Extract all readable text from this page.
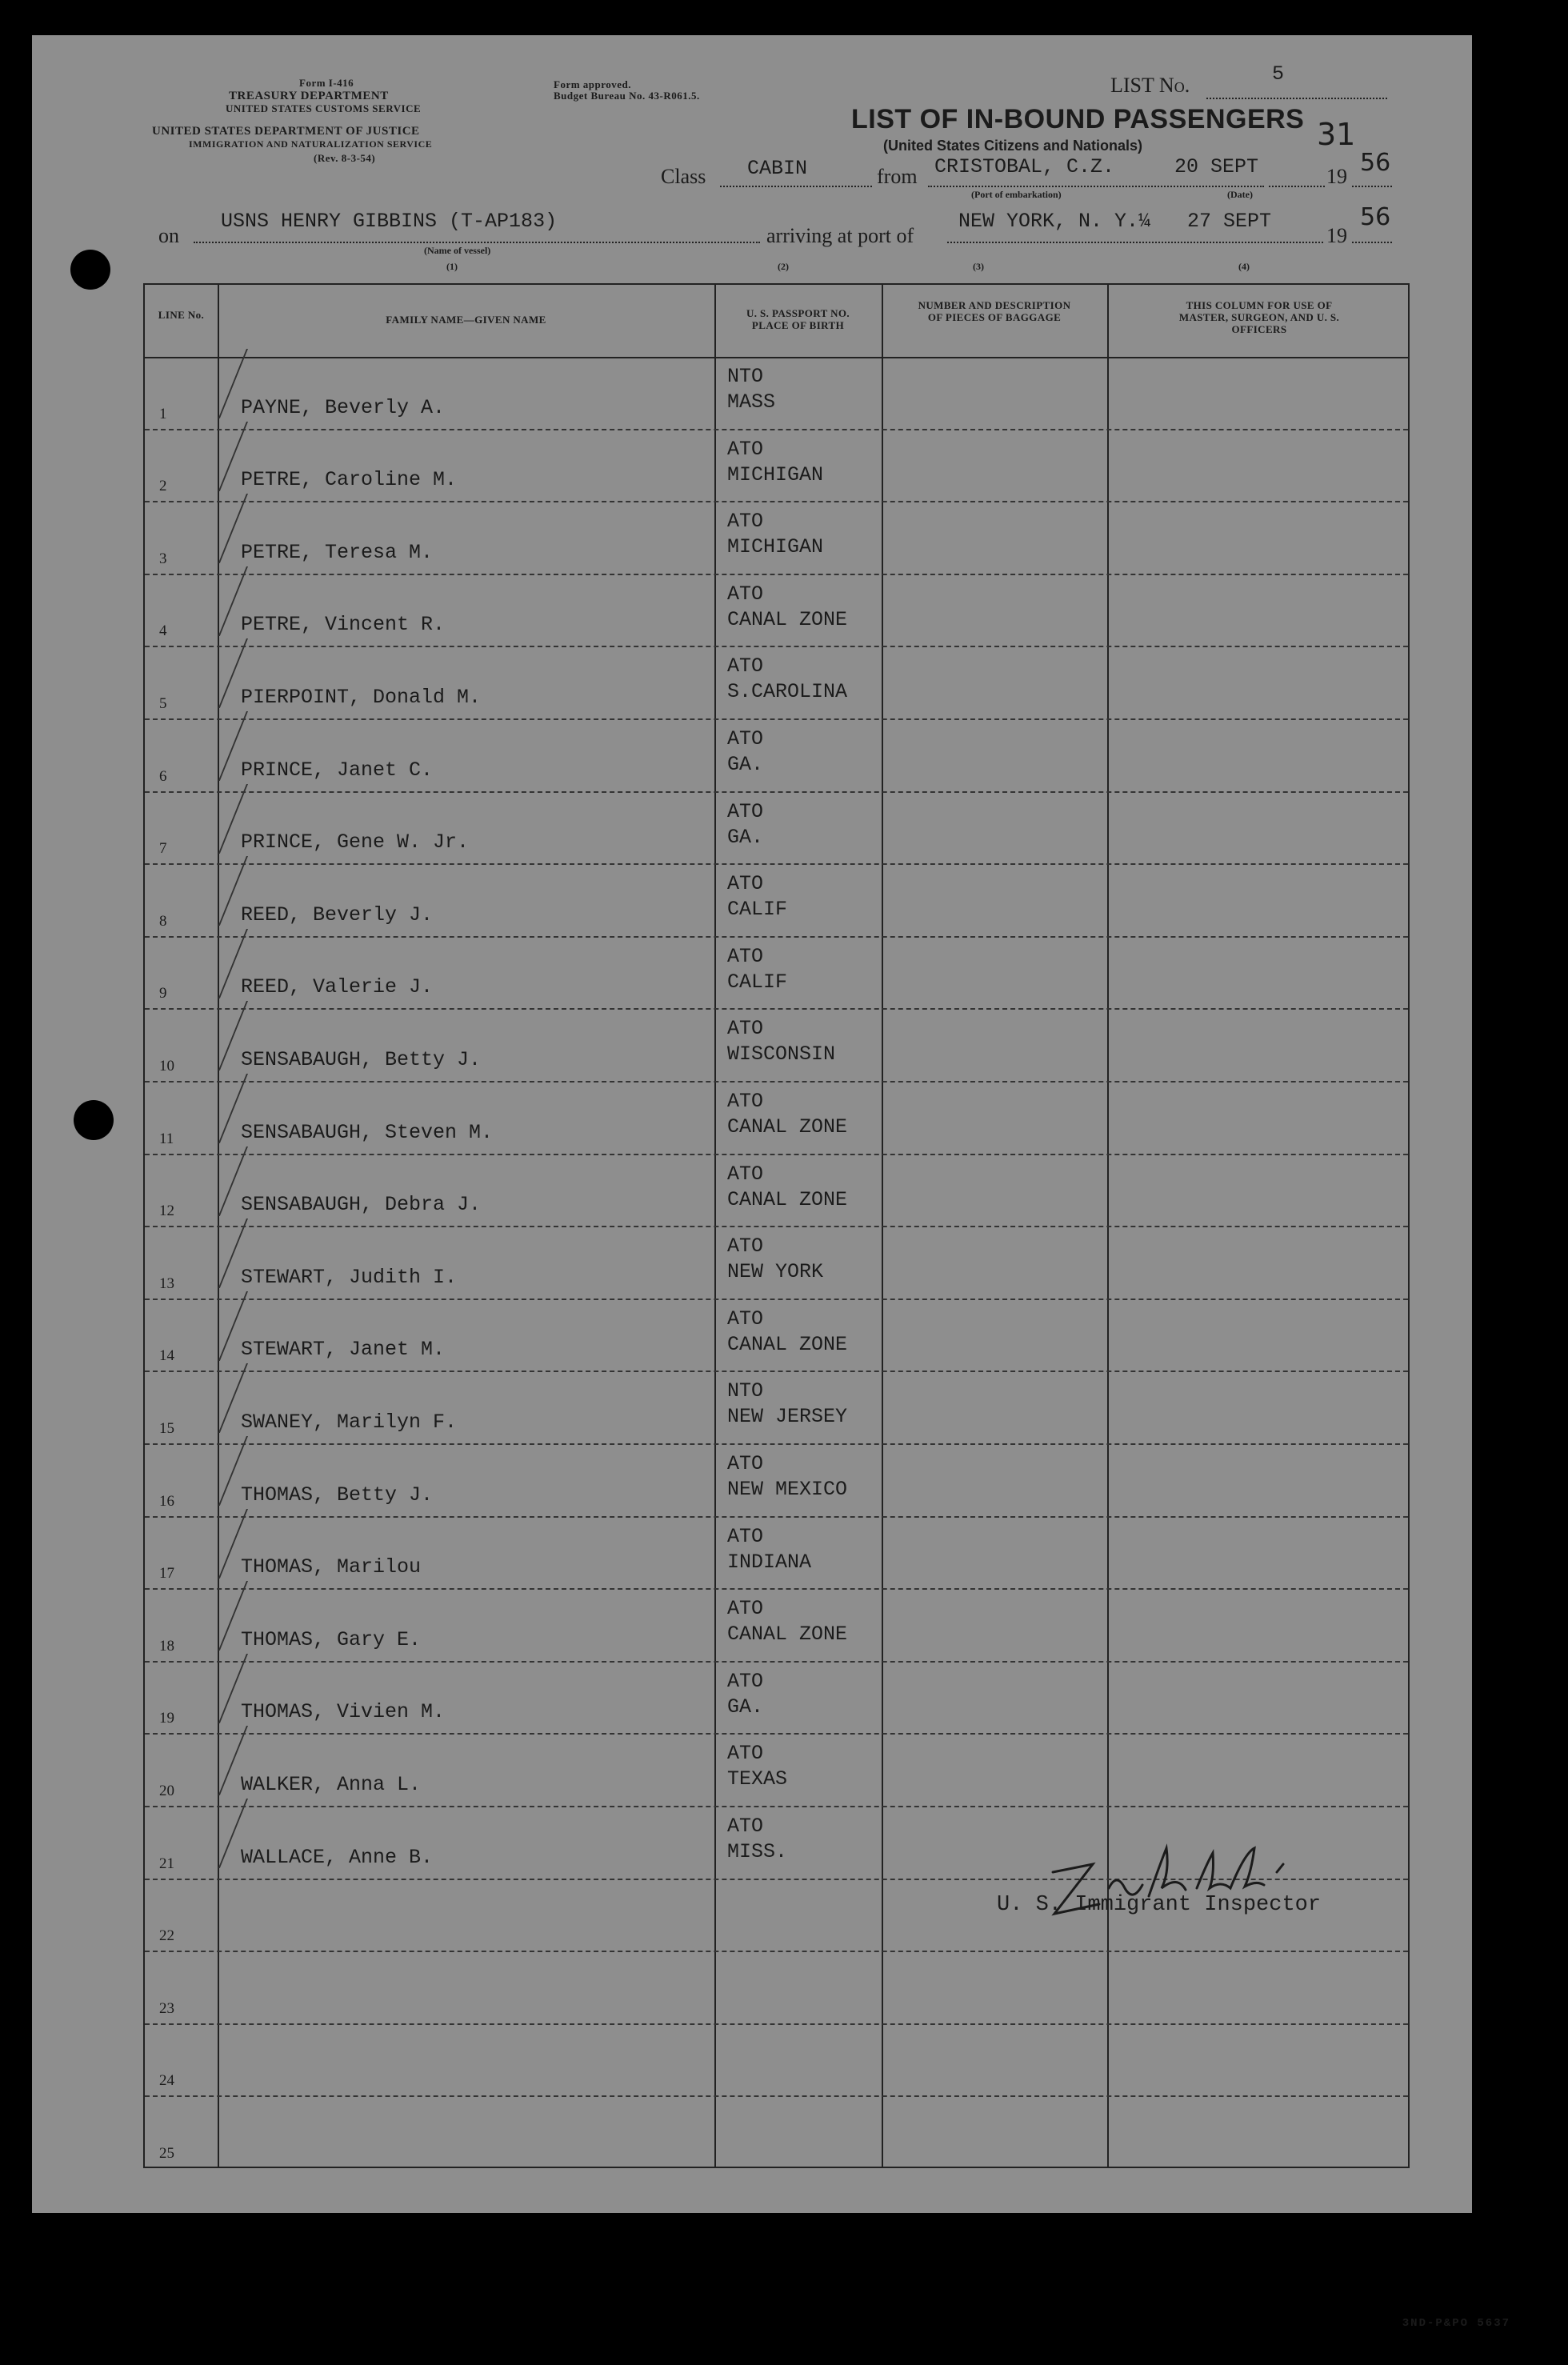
Form I-416
TREASURY DEPARTMENT
UNITED STATES CUSTOMS SERVICE
UNITED STATES DEPARTMENT OF JUSTICE
IMMIGRATION AND NATURALIZATION SERVICE
(Rev. 8-3-54)
Form approved.
Budget Bureau No. 43-R061.5.	LIST No.	5
31
LIST OF IN-BOUND PASSENGERS
(United States Citizens and Nationals)
Class CABIN	from CRISTOBAL, C.Z.	20 SEPT	19 56
(Port of embarkation)	(Date)
on
USNS HENRY GIBBINS (T-AP183)
arriving at port of
NEW YORK, N. Y.¼ 27 SEPT
19
56
(Name of vessel)
(1)	(2)	(3)	(4)
LINE No.	FAMILY NAME—GIVEN NAME
U. S. PASSPORT NO. PLACE OF BIRTH
NUMBER AND DESCRIPTION OF PIECES OF BAGGAGE
THIS COLUMN FOR USE OF MASTER, SURGEON, AND U. S. OFFICERS
1	PAYNE, Beverly A.
NTO
MASS
2	PETRE, Caroline M.
ATO
MICHIGAN
3	PETRE, Teresa M.
ATO
MICHIGAN
4	PETRE, Vincent R.
ATO
CANAL ZONE
5	PIERPOINT, Donald M.
ATO
S.CAROLINA
6	PRINCE, Janet C.
ATO
GA.
7	PRINCE, Gene W. Jr.
ATO
GA.
8	REED, Beverly J.
ATO
CALIF
9	REED, Valerie J.
ATO
CALIF
10	SENSABAUGH, Betty J.
ATO
WISCONSIN
11	SENSABAUGH, Steven M.
ATO
CANAL ZONE
12	SENSABAUGH, Debra J.
ATO
CANAL ZONE
13	STEWART, Judith I.
ATO
NEW YORK
14	STEWART, Janet M.
ATO
CANAL ZONE
15	SWANEY, Marilyn F.
NTO
NEW JERSEY
16	THOMAS, Betty J.
ATO
NEW MEXICO
17	THOMAS, Marilou
ATO
INDIANA
18	THOMAS, Gary E.
ATO
CANAL ZONE
19	THOMAS, Vivien M.
ATO
GA.
20	WALKER, Anna L.
ATO
TEXAS
21	WALLACE, Anne B.
ATO
MISS.
22
23
24
25
U. S. Immigrant Inspector
3ND-P&PO 5637
